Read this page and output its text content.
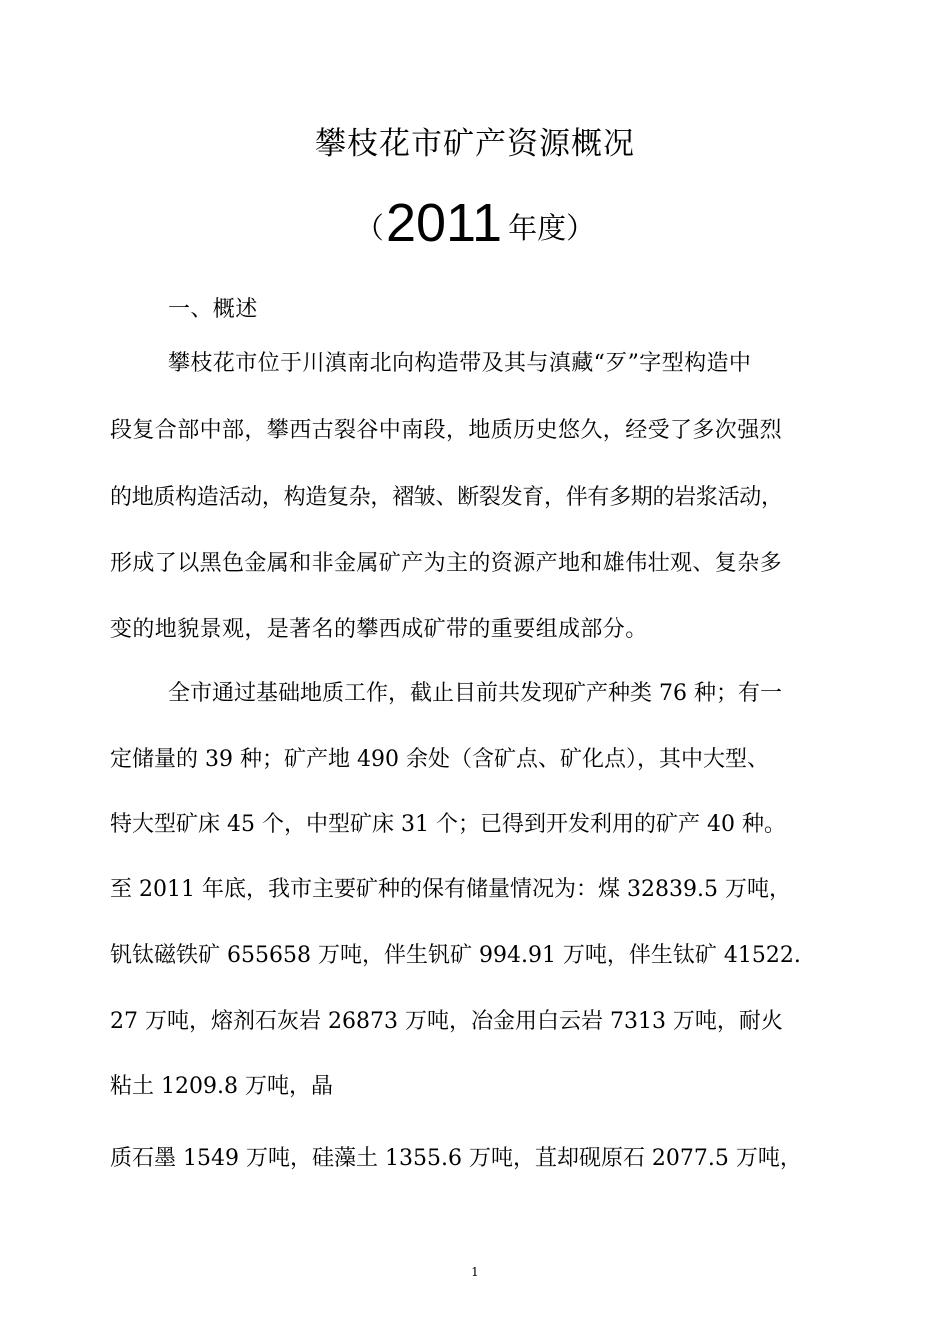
攀枝花市矿产资源概况
（2011 年度）
一、概述
攀枝花市位于川滇南北向构造带及其与滇藏“歹”字型构造中
段复合部中部，攀西古裂谷中南段，地质历史悠久，经受了多次强烈
的地质构造活动，构造复杂，褶皱、断裂发育，伴有多期的岩浆活动，
形成了以黑色金属和非金属矿产为主的资源产地和雄伟壮观、复杂多
变的地貌景观，是著名的攀西成矿带的重要组成部分。
全市通过基础地质工作，截止目前共发现矿产种类 76 种；有一
定储量的 39 种；矿产地 490 余处（含矿点、矿化点），其中大型、
特大型矿床 45 个，中型矿床 31 个；已得到开发利用的矿产 40 种。
至 2011 年底，我市主要矿种的保有储量情况为：煤 32839.5 万吨，
钒钛磁铁矿 655658 万吨，伴生钒矿 994.91 万吨，伴生钛矿 41522.
27 万吨，熔剂石灰岩 26873 万吨，冶金用白云岩 7313 万吨，耐火
粘土 1209.8 万吨，晶
质石墨 1549 万吨，硅藻土 1355.6 万吨，苴却砚原石 2077.5 万吨，
1
